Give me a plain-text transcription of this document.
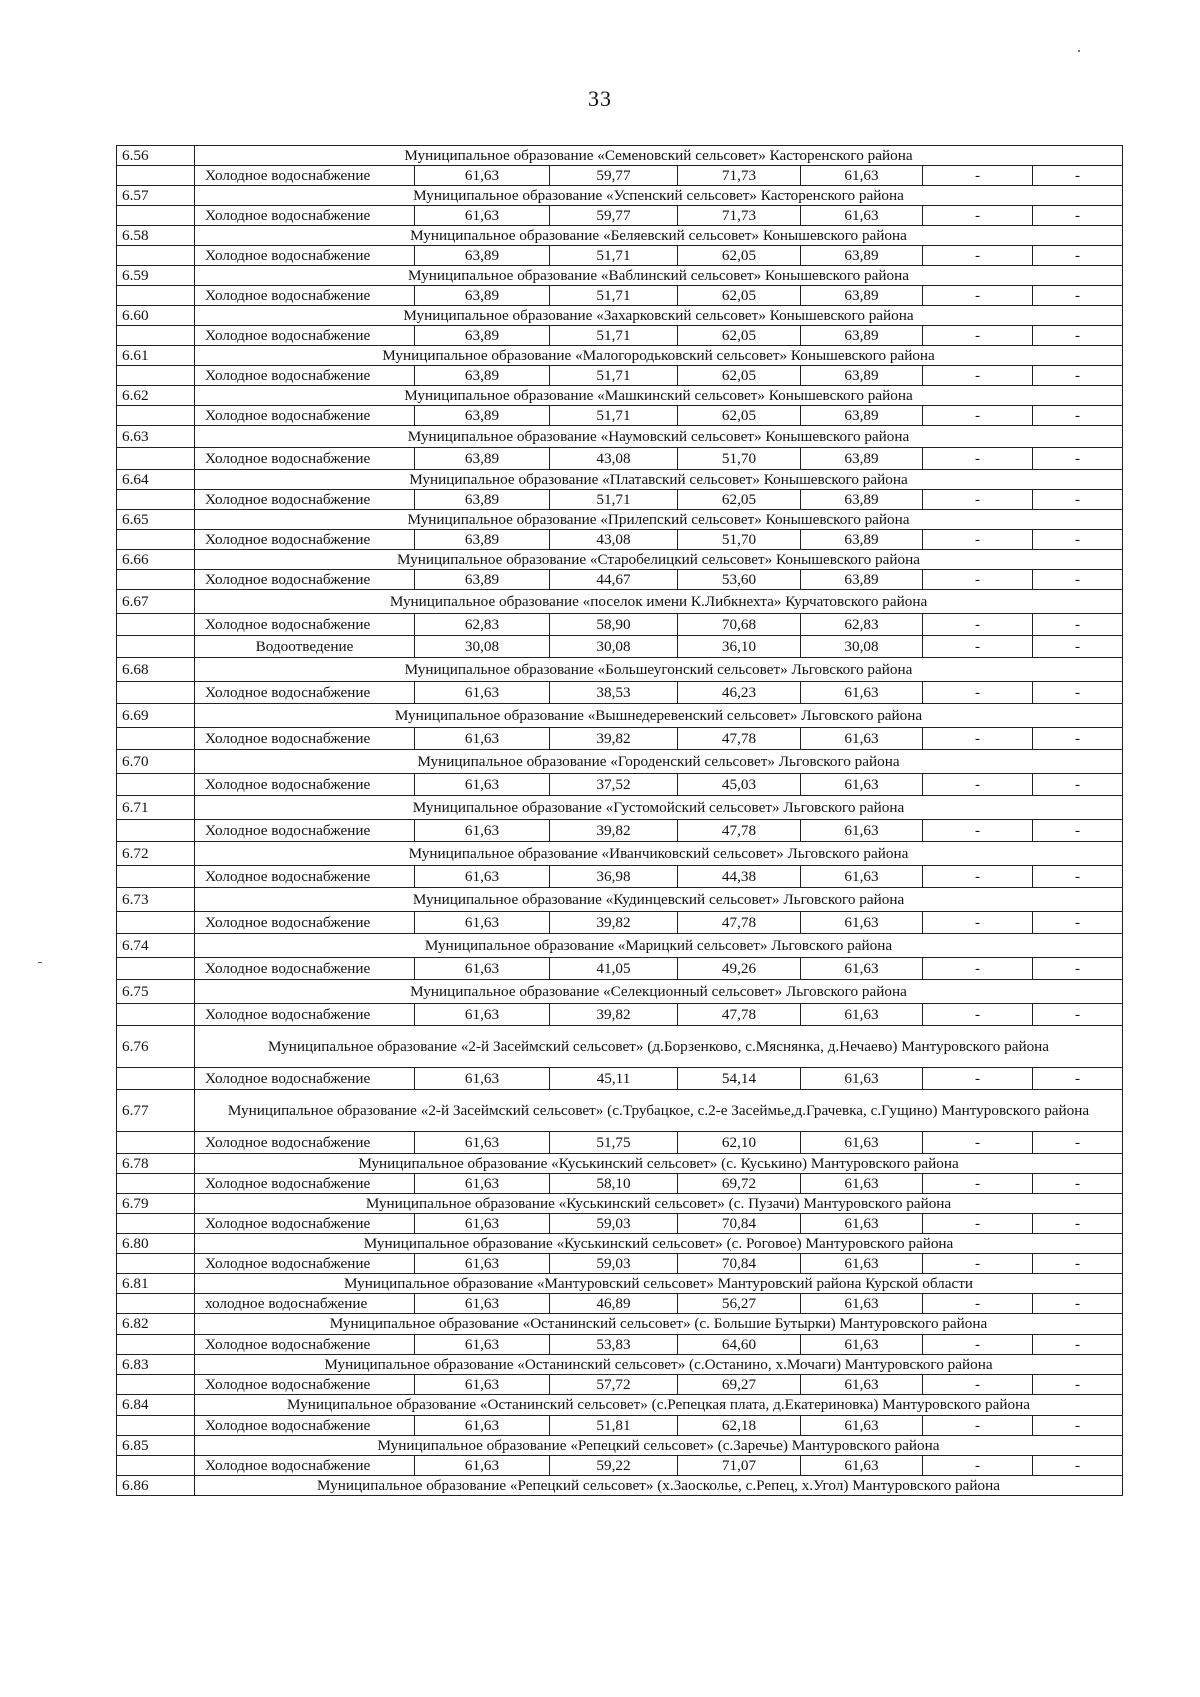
33
6.56	Муниципальное образование «Семеновский сельсовет» Касторенского района						
	Холодное водоснабжение	61,63	59,77	71,73	61,63	-	-
6.57	Муниципальное образование «Успенский сельсовет» Касторенского района						
	Холодное водоснабжение	61,63	59,77	71,73	61,63	-	-
6.58	Муниципальное образование «Беляевский сельсовет» Конышевского района						
	Холодное водоснабжение	63,89	51,71	62,05	63,89	-	-
6.59	Муниципальное образование «Ваблинский сельсовет» Конышевского района						
	Холодное водоснабжение	63,89	51,71	62,05	63,89	-	-
6.60	Муниципальное образование «Захарковский сельсовет» Конышевского района						
	Холодное водоснабжение	63,89	51,71	62,05	63,89	-	-
6.61	Муниципальное образование «Малогородьковский сельсовет» Конышевского района						
	Холодное водоснабжение	63,89	51,71	62,05	63,89	-	-
6.62	Муниципальное образование «Машкинский сельсовет» Конышевского района						
	Холодное водоснабжение	63,89	51,71	62,05	63,89	-	-
6.63	Муниципальное образование «Наумовский сельсовет» Конышевского района						
	Холодное водоснабжение	63,89	43,08	51,70	63,89	-	-
6.64	Муниципальное образование «Платавский сельсовет» Конышевского района						
	Холодное водоснабжение	63,89	51,71	62,05	63,89	-	-
6.65	Муниципальное образование «Прилепский сельсовет» Конышевского района						
	Холодное водоснабжение	63,89	43,08	51,70	63,89	-	-
6.66	Муниципальное образование «Старобелицкий сельсовет» Конышевского района						
	Холодное водоснабжение	63,89	44,67	53,60	63,89	-	-
6.67	Муниципальное образование «поселок имени К.Либкнехта» Курчатовского района						
	Холодное водоснабжение	62,83	58,90	70,68	62,83	-	-
	Водоотведение	30,08	30,08	36,10	30,08	-	-
6.68	Муниципальное образование «Большеугонский сельсовет» Льговского района						
	Холодное водоснабжение	61,63	38,53	46,23	61,63	-	-
6.69	Муниципальное образование «Вышнедеревенский сельсовет» Льговского района						
	Холодное водоснабжение	61,63	39,82	47,78	61,63	-	-
6.70	Муниципальное образование «Городенский сельсовет» Льговского района						
	Холодное водоснабжение	61,63	37,52	45,03	61,63	-	-
6.71	Муниципальное образование «Густомойский сельсовет» Льговского района						
	Холодное водоснабжение	61,63	39,82	47,78	61,63	-	-
6.72	Муниципальное образование «Иванчиковский сельсовет» Льговского района						
	Холодное водоснабжение	61,63	36,98	44,38	61,63	-	-
6.73	Муниципальное образование «Кудинцевский сельсовет» Льговского района						
	Холодное водоснабжение	61,63	39,82	47,78	61,63	-	-
6.74	Муниципальное образование «Марицкий сельсовет» Льговского района						
	Холодное водоснабжение	61,63	41,05	49,26	61,63	-	-
6.75	Муниципальное образование «Селекционный сельсовет» Льговского района						
	Холодное водоснабжение	61,63	39,82	47,78	61,63	-	-
6.76	Муниципальное образование «2-й Засеймский сельсовет» (д.Борзенково, с.Мяснянка, д.Нечаево) Мантуровского района						
	Холодное водоснабжение	61,63	45,11	54,14	61,63	-	-
6.77	Муниципальное образование «2-й Засеймский сельсовет» (с.Трубацкое, с.2-е Засеймье,д.Грачевка, с.Гущино) Мантуровского района						
	Холодное водоснабжение	61,63	51,75	62,10	61,63	-	-
6.78	Муниципальное образование «Куськинский сельсовет» (с. Куськино) Мантуровского района						
	Холодное водоснабжение	61,63	58,10	69,72	61,63	-	-
6.79	Муниципальное образование «Куськинский сельсовет» (с. Пузачи) Мантуровского района						
	Холодное водоснабжение	61,63	59,03	70,84	61,63	-	-
6.80	Муниципальное образование «Куськинский сельсовет» (с. Роговое) Мантуровского района						
	Холодное водоснабжение	61,63	59,03	70,84	61,63	-	-
6.81	Муниципальное образование «Мантуровский сельсовет» Мантуровский района Курской области						
	холодное водоснабжение	61,63	46,89	56,27	61,63	-	-
6.82	Муниципальное образование «Останинский сельсовет» (с. Большие Бутырки) Мантуровского района						
	Холодное водоснабжение	61,63	53,83	64,60	61,63	-	-
6.83	Муниципальное образование «Останинский сельсовет» (с.Останино, х.Мочаги) Мантуровского района						
	Холодное водоснабжение	61,63	57,72	69,27	61,63	-	-
6.84	Муниципальное образование «Останинский сельсовет» (с.Репецкая плата, д.Екатериновка) Мантуровского района						
	Холодное водоснабжение	61,63	51,81	62,18	61,63	-	-
6.85	Муниципальное образование «Репецкий сельсовет» (с.Заречье) Мантуровского района						
	Холодное водоснабжение	61,63	59,22	71,07	61,63	-	-
6.86	Муниципальное образование «Репецкий сельсовет» (х.Заосколье, с.Репец, х.Угол) Мантуровского района						
